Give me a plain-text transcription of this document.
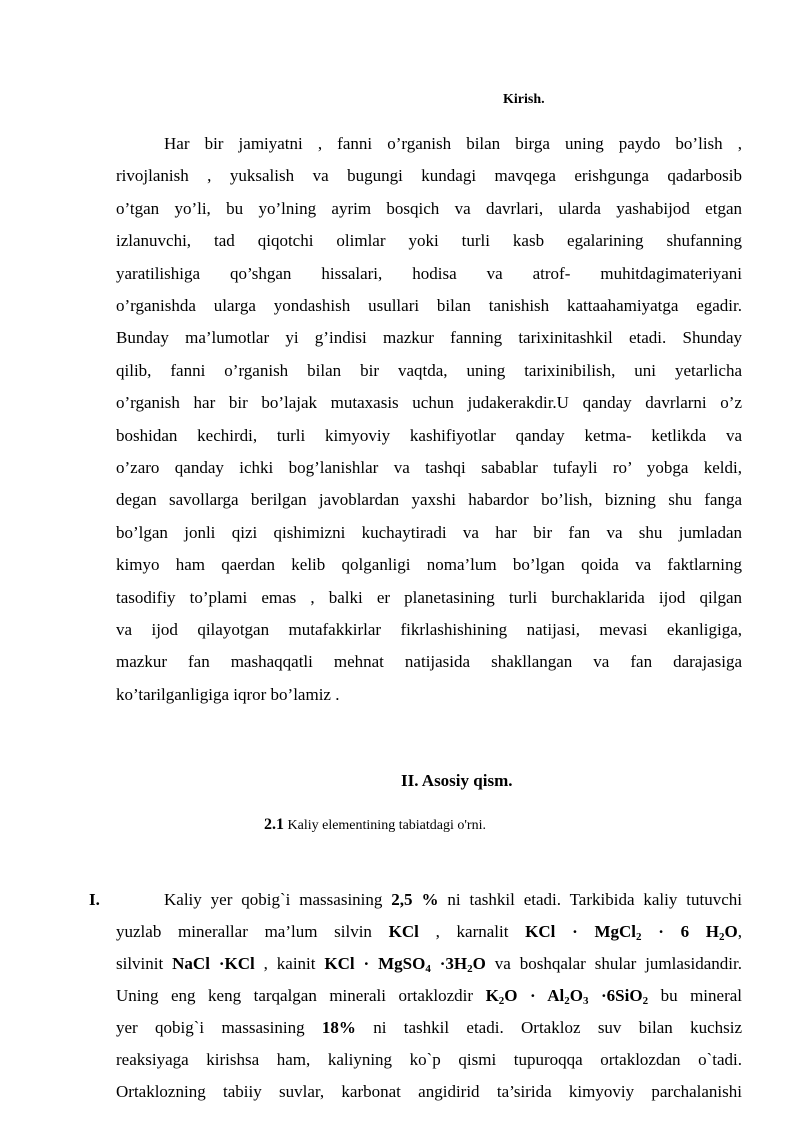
Kirish.
Har bir jamiyatni , fanni o’rganish bilan birga uning paydo bo’lish ,
rivojlanish , yuksalish va bugungi kundagi mavqega erishgunga qadarbosib
o’tgan yo’li, bu yo’lning ayrim bosqich va davrlari, ularda yashabijod etgan
izlanuvchi, tad qiqotchi olimlar yoki turli kasb egalarining shufanning
yaratilishiga qo’shgan hissalari, hodisa va atrof- muhitdagimateriyani
o’rganishda ularga yondashish usullari bilan tanishish kattaahamiyatga egadir.
Bunday ma’lumotlar yi g’indisi mazkur fanning tarixinitashkil etadi. Shunday
qilib, fanni o’rganish bilan bir vaqtda, uning tarixinibilish, uni yetarlicha
o’rganish har bir bo’lajak mutaxasis uchun judakerakdir.U qanday davrlarni o’z
boshidan kechirdi, turli kimyoviy kashifiyotlar qanday ketma- ketlikda va
o’zaro qanday ichki bog’lanishlar va tashqi sabablar tufayli ro’ yobga keldi,
degan savollarga berilgan javoblardan yaxshi habardor bo’lish, bizning shu fanga
bo’lgan jonli qizi qishimizni kuchaytiradi va har bir fan va shu jumladan
kimyo ham qaerdan kelib qolganligi noma’lum bo’lgan qoida va faktlarning
tasodifiy to’plami emas , balki er planetasining turli burchaklarida ijod qilgan
va ijod qilayotgan mutafakkirlar fikrlashishining natijasi, mevasi ekanligiga,
mazkur fan mashaqqatli mehnat natijasida shakllangan va fan darajasiga
ko’tarilganligiga iqror bo’lamiz .
II. Asosiy qism.
2.1 Kaliy elementining tabiatdagi o'rni.
I.	Kaliy yer qobig`i massasining 2,5 % ni tashkil etadi. Tarkibida kaliy tutuvchi
yuzlab minerallar ma’lum silvin KCl , karnalit KCl · MgCl$_2$ · 6 $H_2O$,
silvinit NaCl ·KCl , kainit KCl · MgSO$_4$ $\cdot 3H_2O$ va boshqalar shular jumlasidandir.
Uning eng keng tarqalgan minerali ortaklozdir $K_2O \cdot Al_2O_3 \cdot 6SiO_2$ bu mineral
yer qobig`i massasining 18% ni tashkil etadi. Ortakloz suv bilan kuchsiz
reaksiyaga kirishsa ham, kaliyning ko`p qismi tupuroqqa ortaklozdan o`tadi.
Ortaklozning tabiiy suvlar, karbonat angidirid ta’sirida kimyoviy parchalanishi
